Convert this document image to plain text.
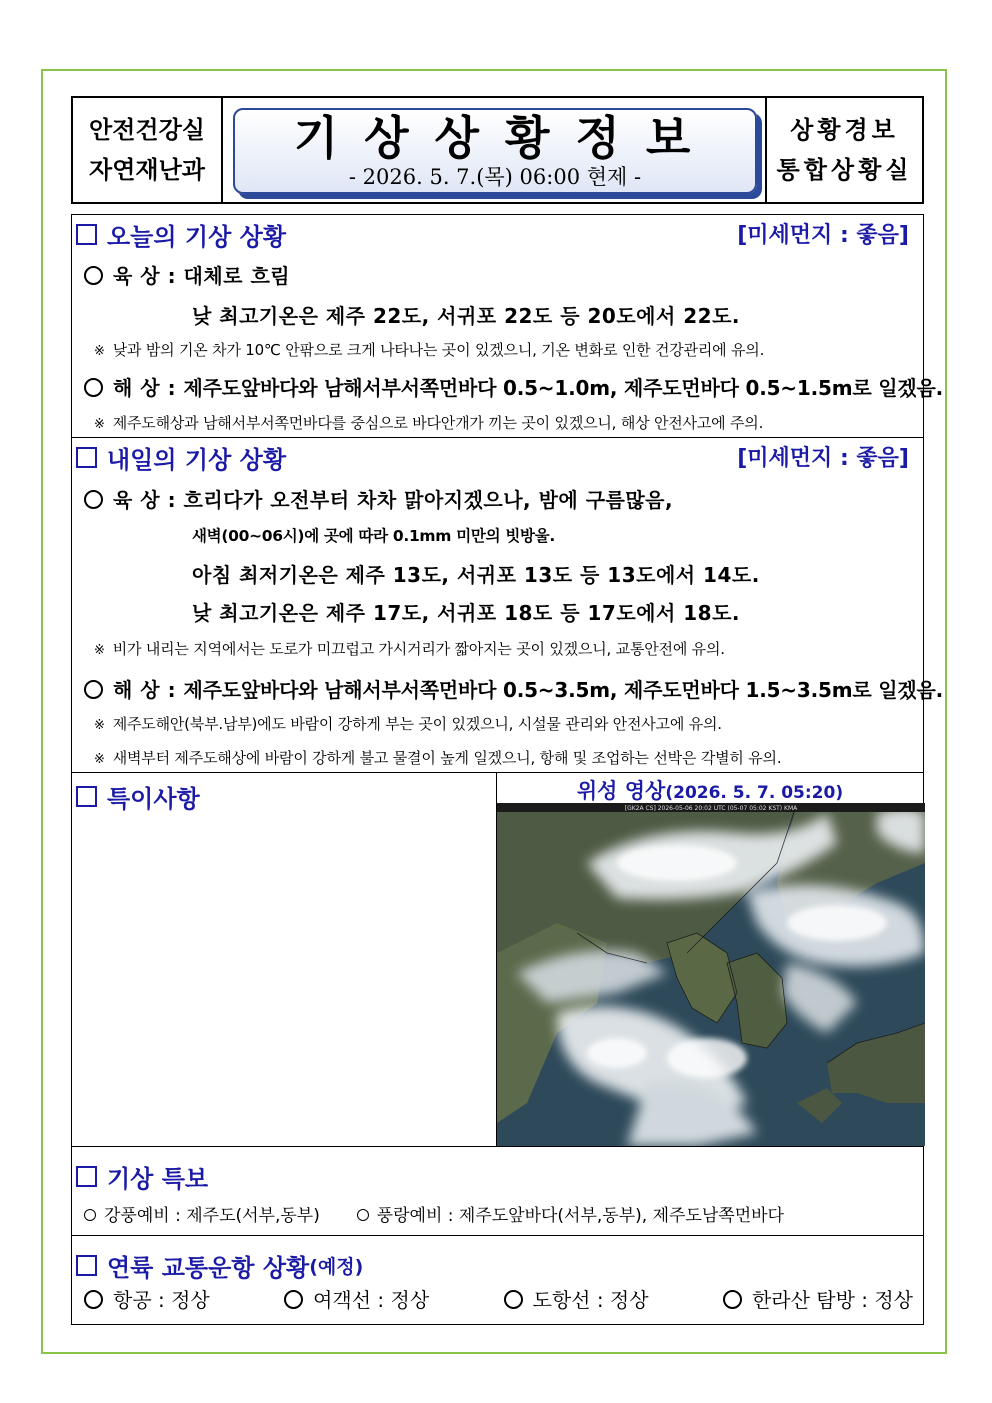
안전건강실
자연재난과
기상상황정보
- 2026. 5. 7.(목) 06:00 현제 -
상황경보
통합상황실
오늘의 기상 상황	[미세먼지 : 좋음]
육 상 : 대체로 흐림
낮 최고기온은 제주 22도, 서귀포 22도 등 20도에서 22도.
※ 낮과 밤의 기온 차가 10℃ 안팎으로 크게 나타나는 곳이 있겠으니, 기온 변화로 인한 건강관리에 유의.
해 상 : 제주도앞바다와 남해서부서쪽먼바다 0.5~1.0m, 제주도먼바다 0.5~1.5m로 일겠음.
※ 제주도해상과 남해서부서쪽먼바다를 중심으로 바다안개가 끼는 곳이 있겠으니, 해상 안전사고에 주의.
내일의 기상 상황	[미세먼지 : 좋음]
육 상 : 흐리다가 오전부터 차차 맑아지겠으나, 밤에 구름많음,
새벽(00~06시)에 곳에 따라 0.1mm 미만의 빗방울.
아침 최저기온은 제주 13도, 서귀포 13도 등 13도에서 14도.
낮 최고기온은 제주 17도, 서귀포 18도 등 17도에서 18도.
※ 비가 내리는 지역에서는 도로가 미끄럽고 가시거리가 짧아지는 곳이 있겠으니, 교통안전에 유의.
해 상 : 제주도앞바다와 남해서부서쪽먼바다 0.5~3.5m, 제주도먼바다 1.5~3.5m로 일겠음.
※ 제주도해안(북부.남부)에도 바람이 강하게 부는 곳이 있겠으니, 시설물 관리와 안전사고에 유의.
※ 새벽부터 제주도해상에 바람이 강하게 불고 물결이 높게 일겠으니, 항해 및 조업하는 선박은 각별히 유의.
특이사항	위성 영상(2026. 5. 7. 05:20)
[GK2A CS] 2026-05-06 20:02 UTC (05-07 05:02 KST) KMA
기상 특보
강풍예비 : 제주도(서부,동부)	풍랑예비 : 제주도앞바다(서부,동부), 제주도남쪽먼바다
연륙 교통운항 상황 (예정)
항공 : 정상	여객선 : 정상	도항선 : 정상	한라산 탐방 : 정상
